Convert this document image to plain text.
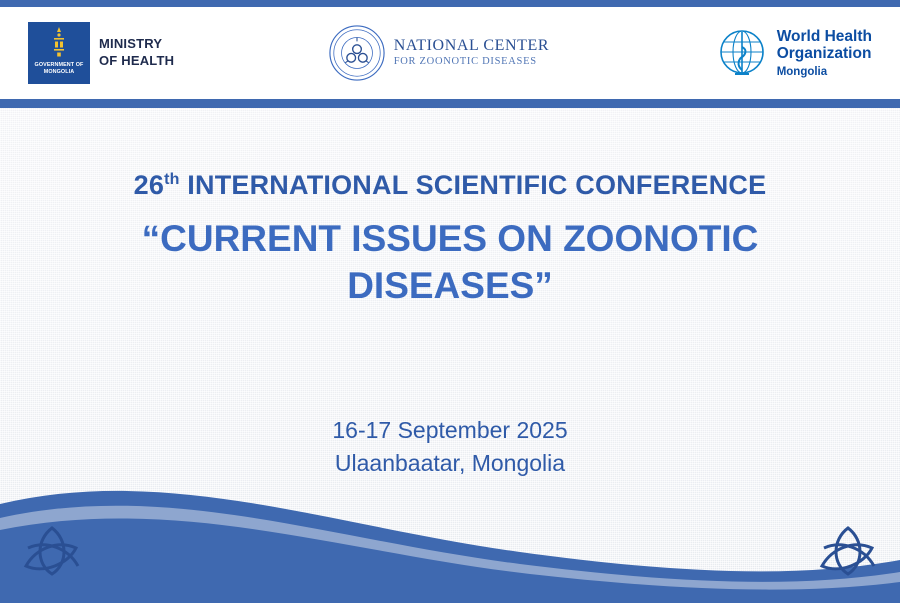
GOVERNMENT OF
MONGOLIA
MINISTRY
OF HEALTH
NATIONAL CENTER
FOR ZOONOTIC DISEASES
World Health
Organization
Mongolia
26th INTERNATIONAL SCIENTIFIC CONFERENCE
“CURRENT ISSUES ON ZOONOTIC DISEASES”
16-17 September 2025
Ulaanbaatar, Mongolia
